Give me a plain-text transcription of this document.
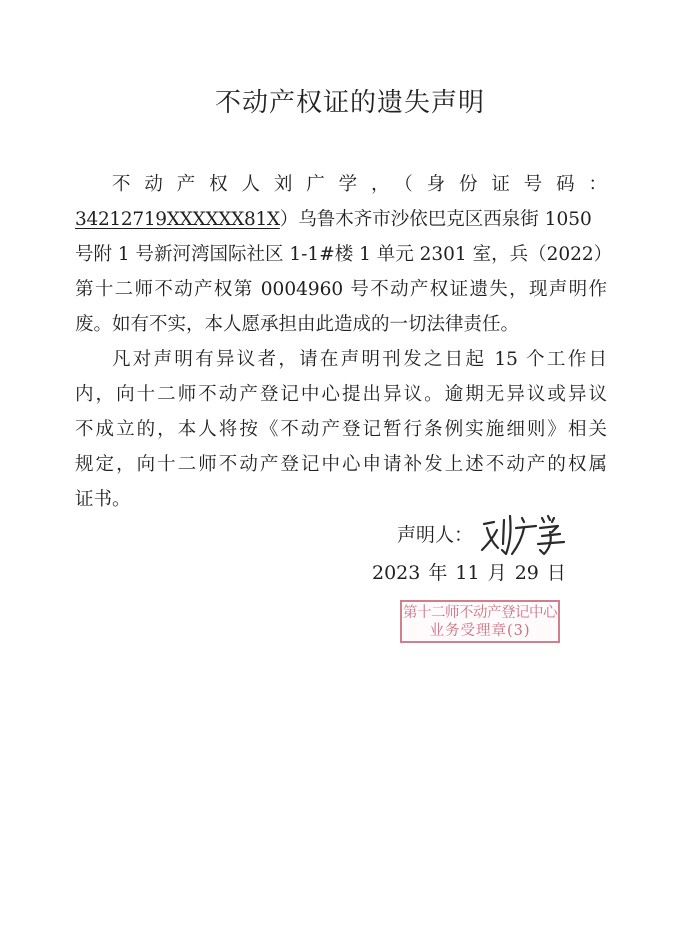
不动产权证的遗失声明
不动产权人刘广学，（身份证号码：
34212719XXXXXX81X）乌鲁木齐市沙依巴克区西泉街 1050
号附 1 号新河湾国际社区 1-1#楼 1 单元 2301 室，兵（2022）
第十二师不动产权第 0004960 号不动产权证遗失，现声明作
废。如有不实，本人愿承担由此造成的一切法律责任。
凡对声明有异议者，请在声明刊发之日起 15 个工作日
内，向十二师不动产登记中心提出异议。逾期无异议或异议
不成立的，本人将按《不动产登记暂行条例实施细则》相关
规定，向十二师不动产登记中心申请补发上述不动产的权属
证书。
声明人：
2023 年 11 月 29 日
第十二师不动产登记中心
业务受理章(3)
